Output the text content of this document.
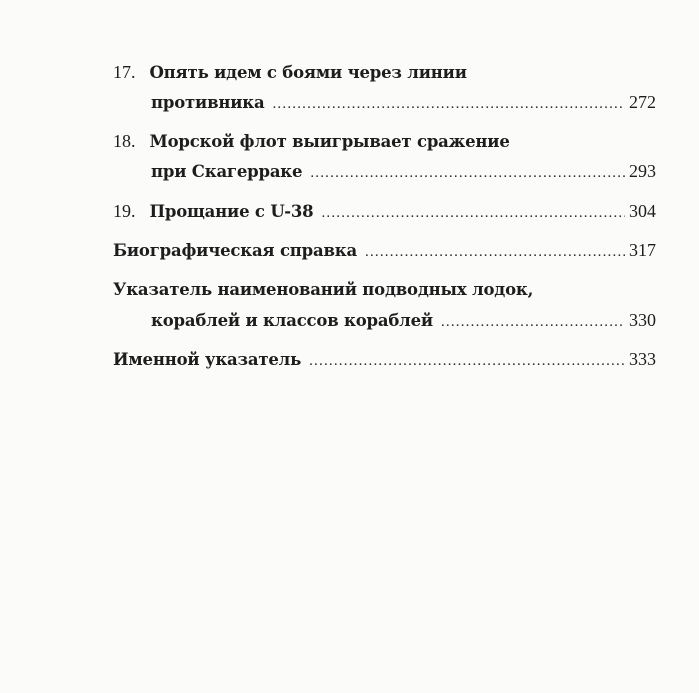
17. Опять идем с боями через линии
противника .....	272
18. Морской флот выигрывает сражение
при Скагерраке .....	293
19. Прощание с U-38 .....	304
Биографическая справка .....	317
Указатель наименований подводных лодок,
кораблей и классов кораблей .....	330
Именной указатель .....	333
